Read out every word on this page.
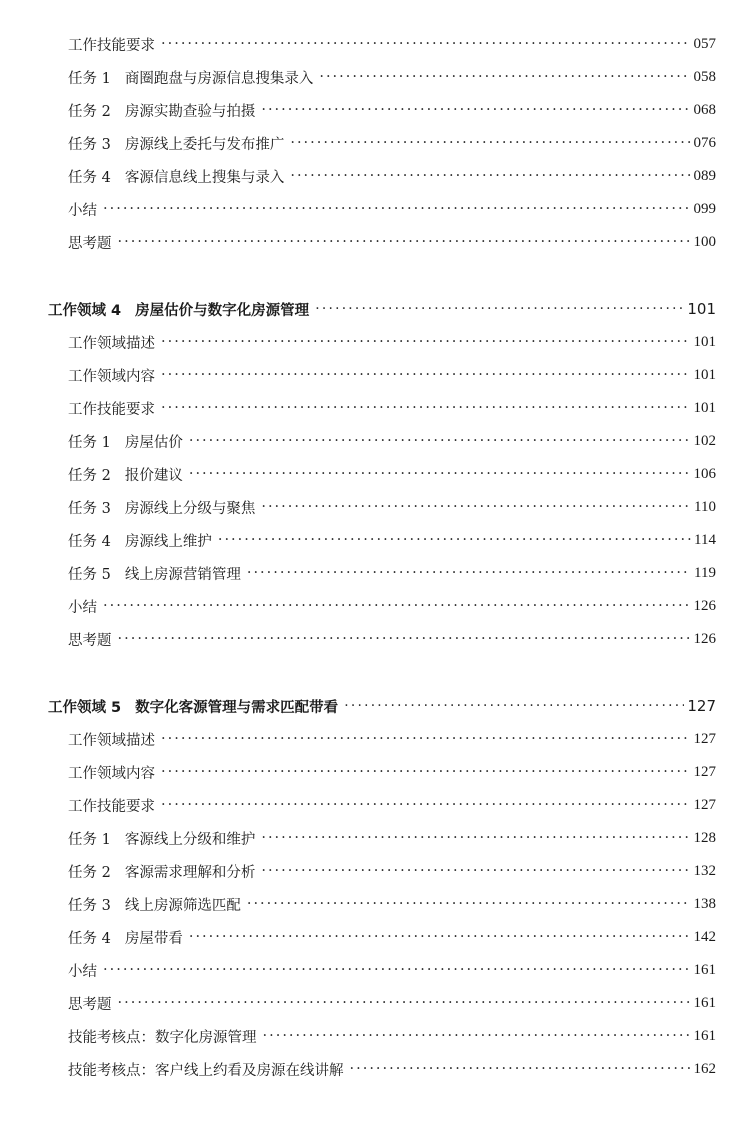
工作技能要求 ·····	057
任务 1 商圈跑盘与房源信息搜集录入 ·····	058
任务 2 房源实勘查验与拍摄 ·····	068
任务 3 房源线上委托与发布推广 ·····	076
任务 4 客源信息线上搜集与录入 ·····	089
小结 ·····	099
思考题 ·····	100
工作领域 4 房屋估价与数字化房源管理 ·····	101
工作领域描述 ·····	101
工作领域内容 ·····	101
工作技能要求 ·····	101
任务 1 房屋估价 ·····	102
任务 2 报价建议 ·····	106
任务 3 房源线上分级与聚焦 ·····	110
任务 4 房源线上维护 ·····	114
任务 5 线上房源营销管理 ·····	119
小结 ·····	126
思考题 ·····	126
工作领域 5 数字化客源管理与需求匹配带看 ·····	127
工作领域描述 ·····	127
工作领域内容 ·····	127
工作技能要求 ·····	127
任务 1 客源线上分级和维护 ·····	128
任务 2 客源需求理解和分析 ·····	132
任务 3 线上房源筛选匹配 ·····	138
任务 4 房屋带看 ·····	142
小结 ·····	161
思考题 ·····	161
技能考核点：数字化房源管理 ·····	161
技能考核点：客户线上约看及房源在线讲解 ·····	162
